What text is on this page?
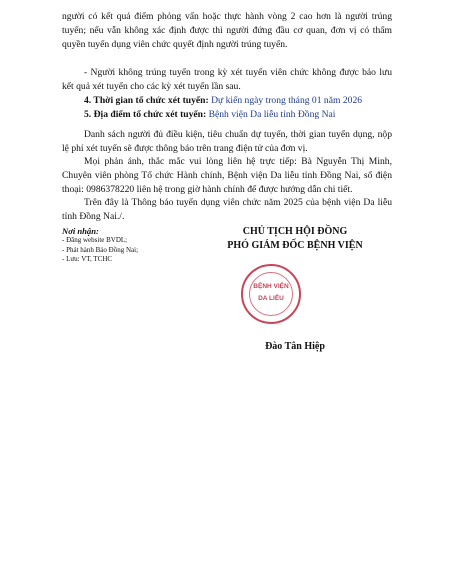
người có kết quả điểm phỏng vấn hoặc thực hành vòng 2 cao hơn là người trúng tuyển; nếu vẫn không xác định được thì người đứng đầu cơ quan, đơn vị có thẩm quyền tuyển dụng viên chức quyết định người trúng tuyển.
- Người không trúng tuyển trong kỳ xét tuyển viên chức không được bảo lưu kết quả xét tuyển cho các kỳ xét tuyển lần sau.
4. Thời gian tổ chức xét tuyển: Dự kiến ngày trong tháng 01 năm 2026
5. Địa điểm tổ chức xét tuyển: Bệnh viện Da liễu tỉnh Đồng Nai
Danh sách người đủ điều kiện, tiêu chuẩn dự tuyển, thời gian tuyển dụng, nộp lệ phí xét tuyển sẽ được thông báo trên trang điện tử của đơn vị.
Mọi phản ánh, thắc mắc vui lòng liên hệ trực tiếp: Bà Nguyễn Thị Minh, Chuyên viên phòng Tổ chức Hành chính, Bệnh viện Da liễu tỉnh Đồng Nai, số điện thoại: 0986378220 liên hệ trong giờ hành chính để được hướng dẫn chi tiết.
Trên đây là Thông báo tuyển dụng viên chức năm 2025 của bệnh viện Da liễu tỉnh Đồng Nai./.
Nơi nhận:
- Đăng website BVDL;
- Phát hành Báo Đồng Nai;
- Lưu: VT, TCHC
CHỦ TỊCH HỘI ĐỒNG
PHÓ GIÁM ĐỐC BỆNH VIỆN
BỆNH VIỆN
DA LIỄU
Đào Tân Hiệp
